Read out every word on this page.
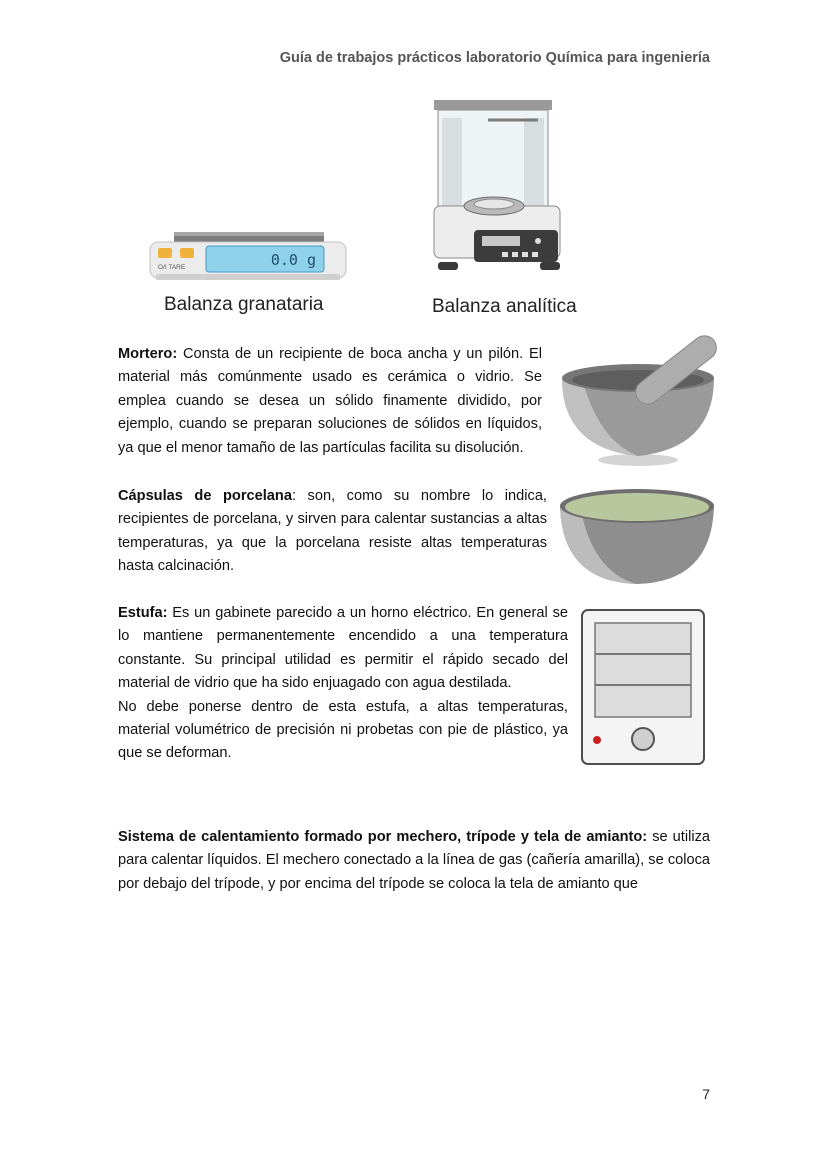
Guía de trabajos prácticos laboratorio Química para ingeniería
O/I TARE	0.0 g
Balanza granataria	Balanza analítica

Mortero: Consta de un recipiente de boca ancha y un pilón. El material más comúnmente usado es cerámica o vidrio. Se emplea cuando se desea un sólido finamente dividido, por ejemplo, cuando se preparan soluciones de sólidos en líquidos, ya que el menor tamaño de las partículas facilita su disolución.

Cápsulas de porcelana: son, como su nombre lo indica, recipientes de porcelana, y sirven para calentar sustancias a altas temperaturas, ya que la porcelana resiste altas temperaturas hasta calcinación.

Estufa: Es un gabinete parecido a un horno eléctrico. En general se lo mantiene permanentemente encendido a una temperatura constante. Su principal utilidad es permitir el rápido secado del material de vidrio que ha sido enjuagado con agua destilada.

No debe ponerse dentro de esta estufa, a altas temperaturas, material volumétrico de precisión ni probetas con pie de plástico, ya que se deforman.

Sistema de calentamiento formado por mechero, trípode y tela de amianto: se utiliza para calentar líquidos. El mechero conectado a la línea de gas (cañería amarilla), se coloca por debajo del trípode, y por encima del trípode se coloca la tela de amianto que

7
